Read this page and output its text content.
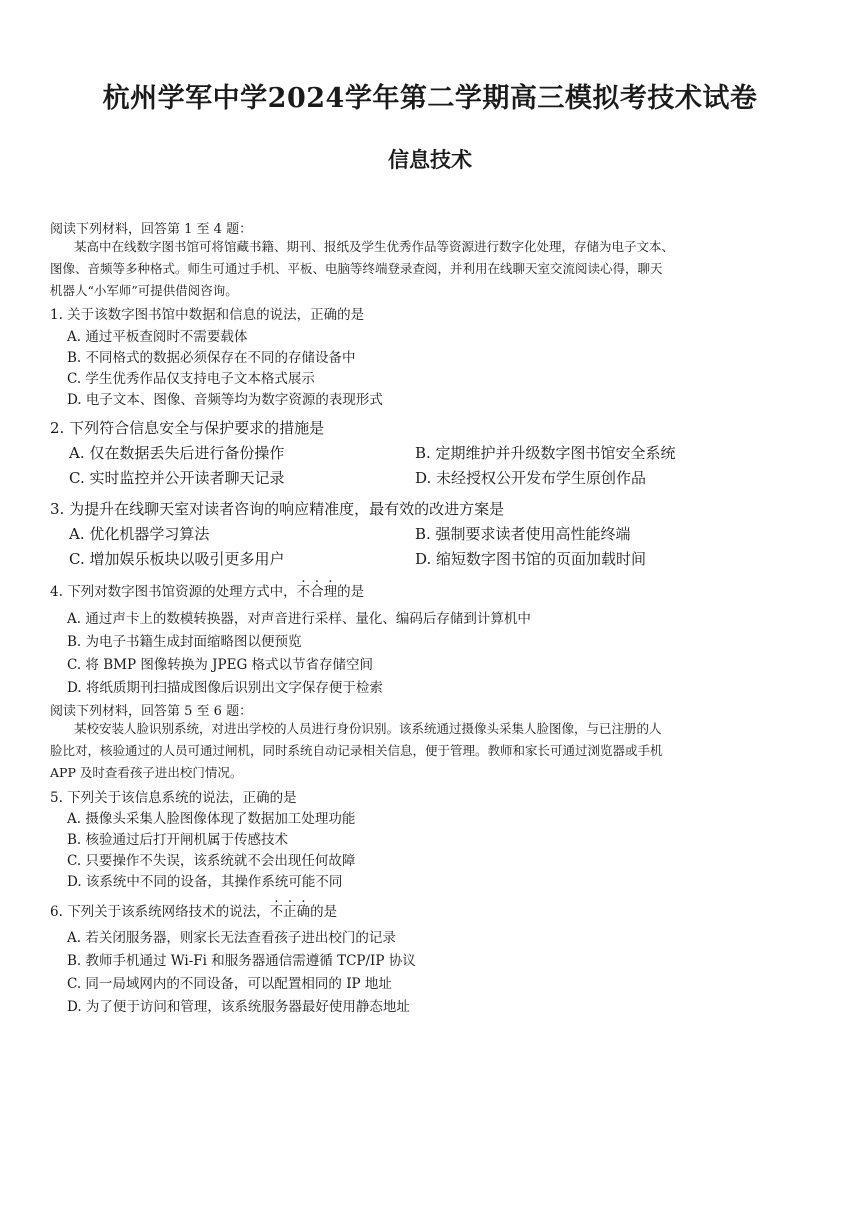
杭州学军中学2024学年第二学期高三模拟考技术试卷
信息技术
阅读下列材料，回答第 1 至 4 题：
某高中在线数字图书馆可将馆藏书籍、期刊、报纸及学生优秀作品等资源进行数字化处理，存储为电子文本、
图像、音频等多种格式。师生可通过手机、平板、电脑等终端登录查阅，并利用在线聊天室交流阅读心得，聊天
机器人“小军师”可提供借阅咨询。
1. 关于该数字图书馆中数据和信息的说法，正确的是
A. 通过平板查阅时不需要载体
B. 不同格式的数据必须保存在不同的存储设备中
C. 学生优秀作品仅支持电子文本格式展示
D. 电子文本、图像、音频等均为数字资源的表现形式
2. 下列符合信息安全与保护要求的措施是
A. 仅在数据丢失后进行备份操作	B. 定期维护并升级数字图书馆安全系统
C. 实时监控并公开读者聊天记录	D. 未经授权公开发布学生原创作品
3. 为提升在线聊天室对读者咨询的响应精准度，最有效的改进方案是
A. 优化机器学习算法	B. 强制要求读者使用高性能终端
C. 增加娱乐板块以吸引更多用户	D. 缩短数字图书馆的页面加载时间
4. 下列对数字图书馆资源的处理方式中，不合理的是
A. 通过声卡上的数模转换器，对声音进行采样、量化、编码后存储到计算机中
B. 为电子书籍生成封面缩略图以便预览
C. 将 BMP 图像转换为 JPEG 格式以节省存储空间
D. 将纸质期刊扫描成图像后识别出文字保存便于检索
阅读下列材料，回答第 5 至 6 题：
某校安装人脸识别系统，对进出学校的人员进行身份识别。该系统通过摄像头采集人脸图像，与已注册的人
脸比对，核验通过的人员可通过闸机，同时系统自动记录相关信息，便于管理。教师和家长可通过浏览器或手机
APP 及时查看孩子进出校门情况。
5. 下列关于该信息系统的说法，正确的是
A. 摄像头采集人脸图像体现了数据加工处理功能
B. 核验通过后打开闸机属于传感技术
C. 只要操作不失误，该系统就不会出现任何故障
D. 该系统中不同的设备，其操作系统可能不同
6. 下列关于该系统网络技术的说法，不正确的是
A. 若关闭服务器，则家长无法查看孩子进出校门的记录
B. 教师手机通过 Wi-Fi 和服务器通信需遵循 TCP/IP 协议
C. 同一局域网内的不同设备，可以配置相同的 IP 地址
D. 为了便于访问和管理，该系统服务器最好使用静态地址
